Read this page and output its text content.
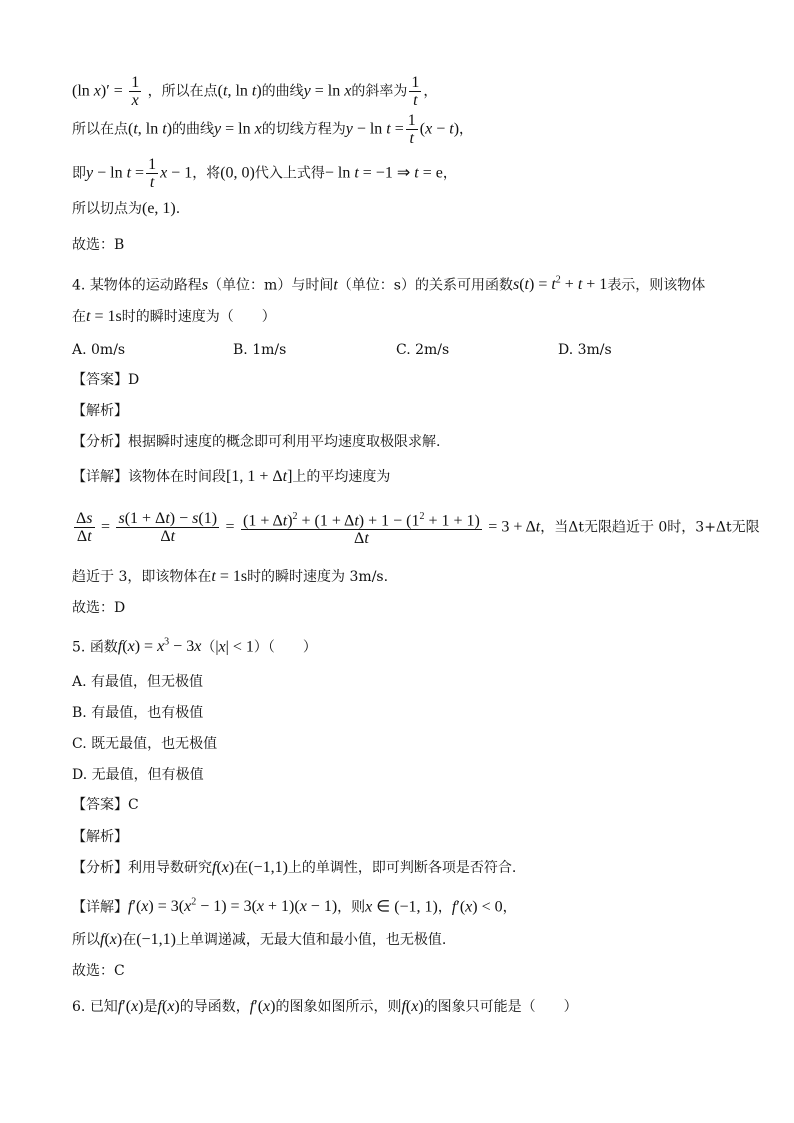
(ln $x)' = \frac{1}{x}$ ，所以在点(t, ln t)的曲线y = ln x的斜率为 $\frac{1}{t}$ ，
所以在点(t, ln t)的曲线y = ln x的切线方程为$y - \ln t = \frac{1}{t} (x - t)$，
即$y - \ln t = \frac{1}{t}$ x − 1，将(0, 0)代入上式得− ln t = −1 ⇒ t = e，
所以切点为(e, 1).
故选：B
4. 某物体的运动路程s（单位：m）与时间t（单位：s）的关系可用函数$s(t) = t^2 + t + 1$表示，则该物体
在t = 1s时的瞬时速度为（　　）
A. 0m/s	B. 1m/s	C. 2m/s	D. 3m/s
【答案】D
【解析】
【分析】根据瞬时速度的概念即可利用平均速度取极限求解.
【详解】该物体在时间段[1, 1 + Δt]上的平均速度为
$\frac{\Delta s}{\Delta t} = \frac{s(1 + \Delta t) - s(1)}{\Delta t} = \frac{(1 + \Delta t)^2 + (1 + \Delta t) + 1 - (1^2 + 1 + 1)}{\Delta t} = 3 + \Delta t$，当Δt无限趋近于 0时，3+Δt无限
趋近于 3，即该物体在t = 1s时的瞬时速度为 3m/s.
故选：D
5. 函数$f(x) = x^3 - 3x(|x| < 1)$（　　）
A. 有最值，但无极值
B. 有最值，也有极值
C. 既无最值，也无极值
D. 无最值，但有极值
【答案】C
【解析】
【分析】利用导数研究f(x)在(−1,1)上的单调性，即可判断各项是否符合.
【详解】$f'(x) = 3(x^2 - 1) = 3(x + 1)(x - 1)$，则x ∈ (−1, 1)，f′(x) < 0，
所以f(x)在(−1,1)上单调递减，无最大值和最小值，也无极值.
故选：C
6. 已知f′(x)是f(x)的导函数，f′(x)的图象如图所示，则f(x)的图象只可能是（　　）
